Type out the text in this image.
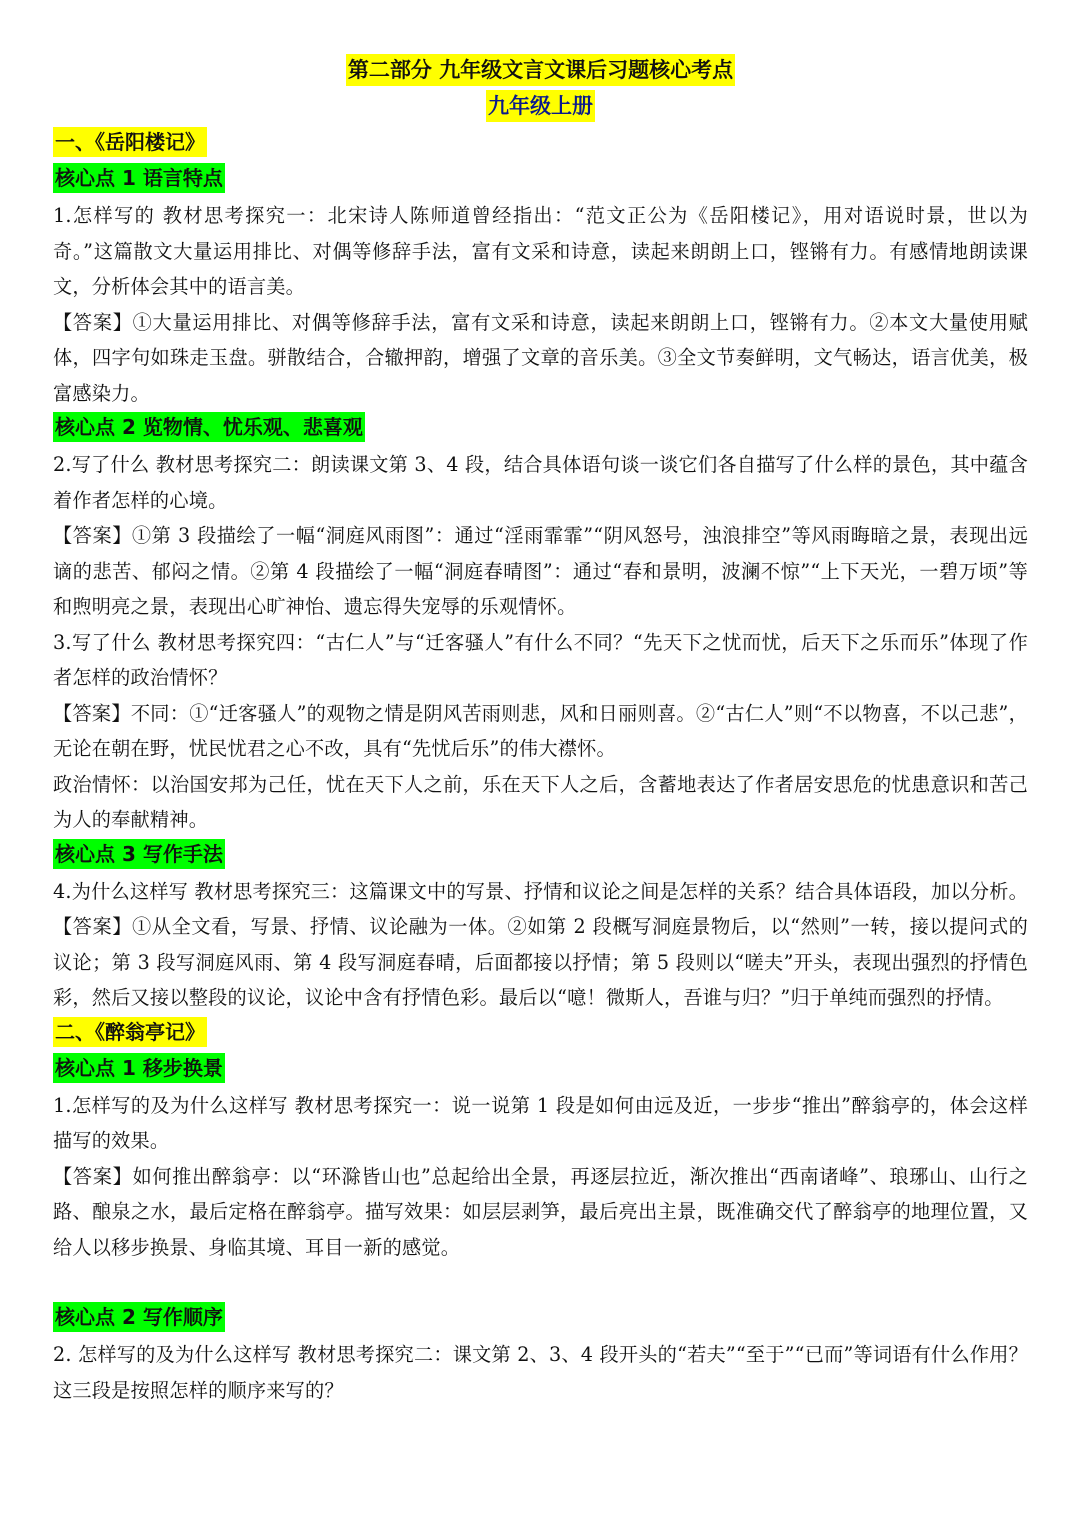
第二部分 九年级文言文课后习题核心考点
九年级上册
一、《岳阳楼记》
核心点 1 语言特点

1.怎样写的 教材思考探究一：北宋诗人陈师道曾经指出：“范文正公为《岳阳楼记》，用对语说时景，世以为奇。”这篇散文大量运用排比、对偶等修辞手法，富有文采和诗意，读起来朗朗上口，铿锵有力。有感情地朗读课文，分析体会其中的语言美。

【答案】①大量运用排比、对偶等修辞手法，富有文采和诗意，读起来朗朗上口，铿锵有力。②本文大量使用赋体，四字句如珠走玉盘。骈散结合，合辙押韵，增强了文章的音乐美。③全文节奏鲜明，文气畅达，语言优美，极富感染力。

核心点 2 览物情、忧乐观、悲喜观

2.写了什么 教材思考探究二：朗读课文第 3、4 段，结合具体语句谈一谈它们各自描写了什么样的景色，其中蕴含着作者怎样的心境。

【答案】①第 3 段描绘了一幅“洞庭风雨图”：通过“淫雨霏霏”“阴风怒号，浊浪排空”等风雨晦暗之景，表现出远谪的悲苦、郁闷之情。②第 4 段描绘了一幅“洞庭春晴图”：通过“春和景明，波澜不惊”“上下天光，一碧万顷”等和煦明亮之景，表现出心旷神怡、遗忘得失宠辱的乐观情怀。

3.写了什么 教材思考探究四：“古仁人”与“迁客骚人”有什么不同？“先天下之忧而忧，后天下之乐而乐”体现了作者怎样的政治情怀？

【答案】不同：①“迁客骚人”的观物之情是阴风苦雨则悲，风和日丽则喜。②“古仁人”则“不以物喜，不以己悲”，无论在朝在野，忧民忧君之心不改，具有“先忧后乐”的伟大襟怀。

政治情怀：以治国安邦为己任，忧在天下人之前，乐在天下人之后，含蓄地表达了作者居安思危的忧患意识和苦己为人的奉献精神。

核心点 3 写作手法

4.为什么这样写 教材思考探究三：这篇课文中的写景、抒情和议论之间是怎样的关系？结合具体语段，加以分析。

【答案】①从全文看，写景、抒情、议论融为一体。②如第 2 段概写洞庭景物后，以“然则”一转，接以提问式的议论；第 3 段写洞庭风雨、第 4 段写洞庭春晴，后面都接以抒情；第 5 段则以“嗟夫”开头，表现出强烈的抒情色彩，然后又接以整段的议论，议论中含有抒情色彩。最后以“噫！微斯人，吾谁与归？”归于单纯而强烈的抒情。

二、《醉翁亭记》
核心点 1 移步换景

1.怎样写的及为什么这样写 教材思考探究一：说一说第 1 段是如何由远及近，一步步“推出”醉翁亭的，体会这样描写的效果。

【答案】如何推出醉翁亭：以“环滁皆山也”总起给出全景，再逐层拉近，渐次推出“西南诸峰”、琅琊山、山行之路、酿泉之水，最后定格在醉翁亭。描写效果：如层层剥笋，最后亮出主景，既准确交代了醉翁亭的地理位置，又给人以移步换景、身临其境、耳目一新的感觉。

核心点 2 写作顺序

2. 怎样写的及为什么这样写 教材思考探究二：课文第 2、3、4 段开头的“若夫”“至于”“已而”等词语有什么作用？这三段是按照怎样的顺序来写的？
